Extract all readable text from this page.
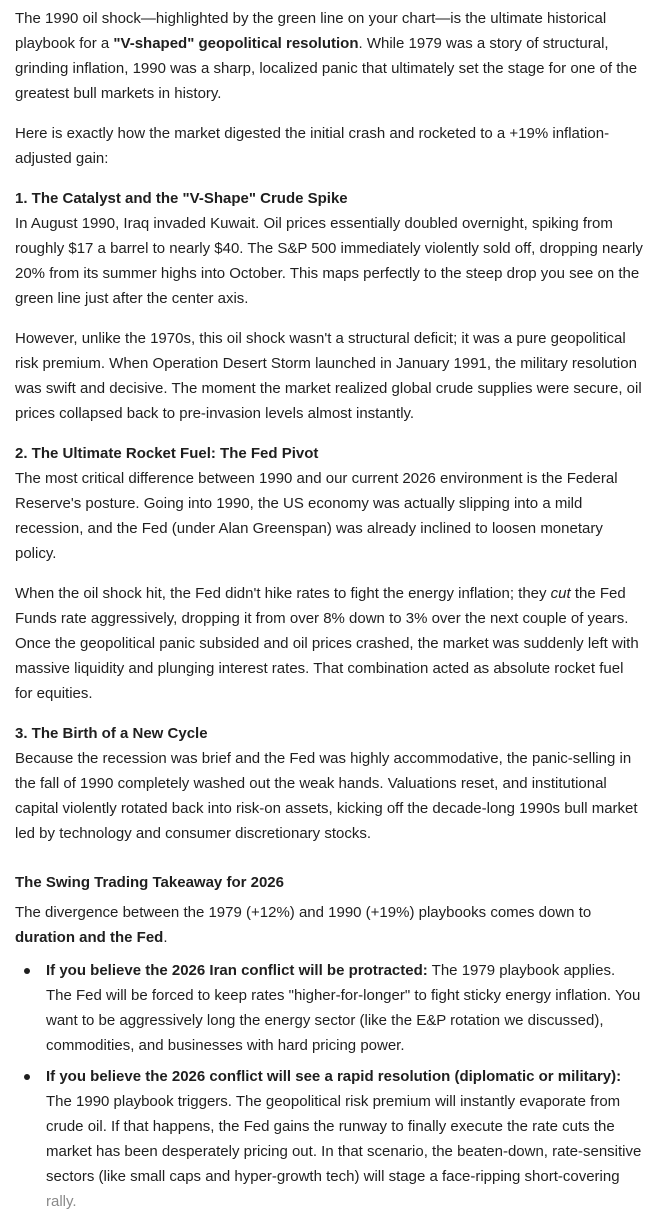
The 1990 oil shock—highlighted by the green line on your chart—is the ultimate historical playbook for a "V-shaped" geopolitical resolution. While 1979 was a story of structural, grinding inflation, 1990 was a sharp, localized panic that ultimately set the stage for one of the greatest bull markets in history.

Here is exactly how the market digested the initial crash and rocketed to a +19% inflation-adjusted gain:

1. The Catalyst and the "V-Shape" Crude Spike

In August 1990, Iraq invaded Kuwait. Oil prices essentially doubled overnight, spiking from roughly $17 a barrel to nearly $40. The S&P 500 immediately violently sold off, dropping nearly 20% from its summer highs into October. This maps perfectly to the steep drop you see on the green line just after the center axis.

However, unlike the 1970s, this oil shock wasn't a structural deficit; it was a pure geopolitical risk premium. When Operation Desert Storm launched in January 1991, the military resolution was swift and decisive. The moment the market realized global crude supplies were secure, oil prices collapsed back to pre-invasion levels almost instantly.

2. The Ultimate Rocket Fuel: The Fed Pivot

The most critical difference between 1990 and our current 2026 environment is the Federal Reserve's posture. Going into 1990, the US economy was actually slipping into a mild recession, and the Fed (under Alan Greenspan) was already inclined to loosen monetary policy.

When the oil shock hit, the Fed didn't hike rates to fight the energy inflation; they cut the Fed Funds rate aggressively, dropping it from over 8% down to 3% over the next couple of years. Once the geopolitical panic subsided and oil prices crashed, the market was suddenly left with massive liquidity and plunging interest rates. That combination acted as absolute rocket fuel for equities.

3. The Birth of a New Cycle

Because the recession was brief and the Fed was highly accommodative, the panic-selling in the fall of 1990 completely washed out the weak hands. Valuations reset, and institutional capital violently rotated back into risk-on assets, kicking off the decade-long 1990s bull market led by technology and consumer discretionary stocks.

The Swing Trading Takeaway for 2026

The divergence between the 1979 (+12%) and 1990 (+19%) playbooks comes down to duration and the Fed.

If you believe the 2026 Iran conflict will be protracted: The 1979 playbook applies. The Fed will be forced to keep rates "higher-for-longer" to fight sticky energy inflation. You want to be aggressively long the energy sector (like the E&P rotation we discussed), commodities, and businesses with hard pricing power.
If you believe the 2026 conflict will see a rapid resolution (diplomatic or military): The 1990 playbook triggers. The geopolitical risk premium will instantly evaporate from crude oil. If that happens, the Fed gains the runway to finally execute the rate cuts the market has been desperately pricing out. In that scenario, the beaten-down, rate-sensitive sectors (like small caps and hyper-growth tech) will stage a face-ripping short-covering rally.
